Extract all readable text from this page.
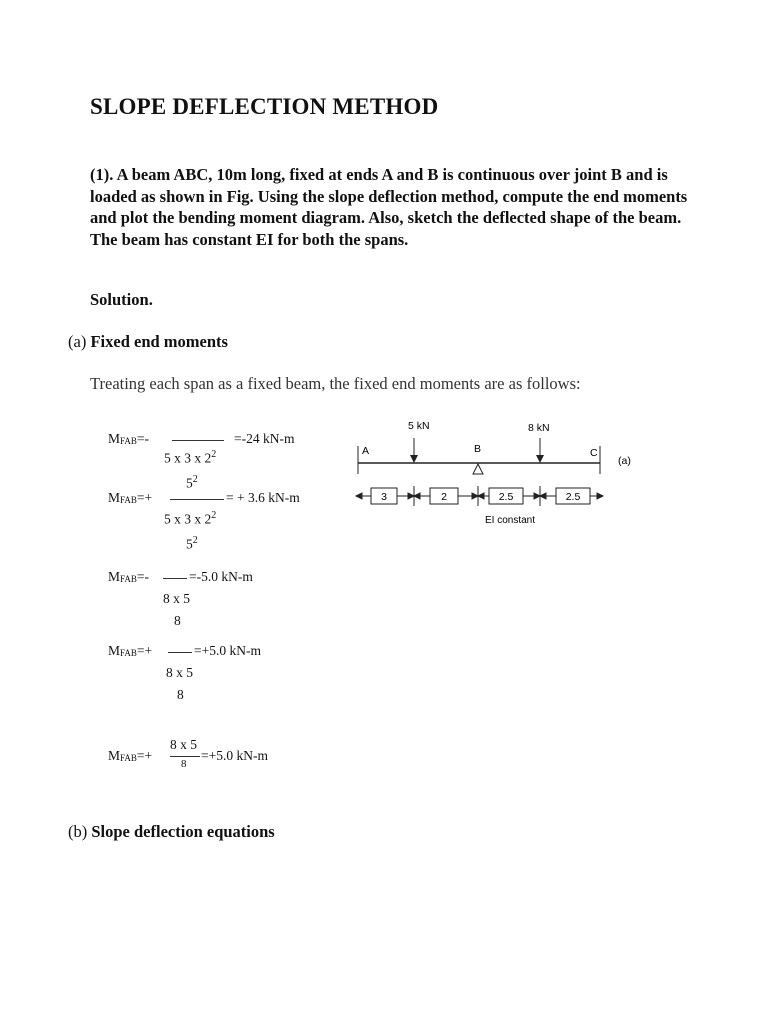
SLOPE DEFLECTION METHOD
(1). A beam ABC, 10m long, fixed at ends A and B is continuous over joint B and is loaded as shown in Fig. Using the slope deflection method, compute the end moments and plot the bending moment diagram. Also, sketch the deflected shape of the beam. The beam has constant EI for both the spans.
Solution.
(a) Fixed end moments
Treating each span as a fixed beam, the fixed end moments are as follows:
$M_{FAB}=-$	=-24 kN-m
5 x 3 x $2^2$
$5^2$
$M_{FAB}=+$	= + 3.6 kN-m
5 x 3 x $2^2$
$5^2$
$M_{FAB}=-$	=-5.0 kN-m
8 x 5
8
$M_{FAB}=+$	=+5.0 kN-m
8 x 5
8
$M_{FAB}=+$
8 x 5
8
=+5.0 kN-m
(b) Slope deflection equations
5 kN	8 kN
A	B	C
(a)
3	2	2.5	2.5
EI constant
